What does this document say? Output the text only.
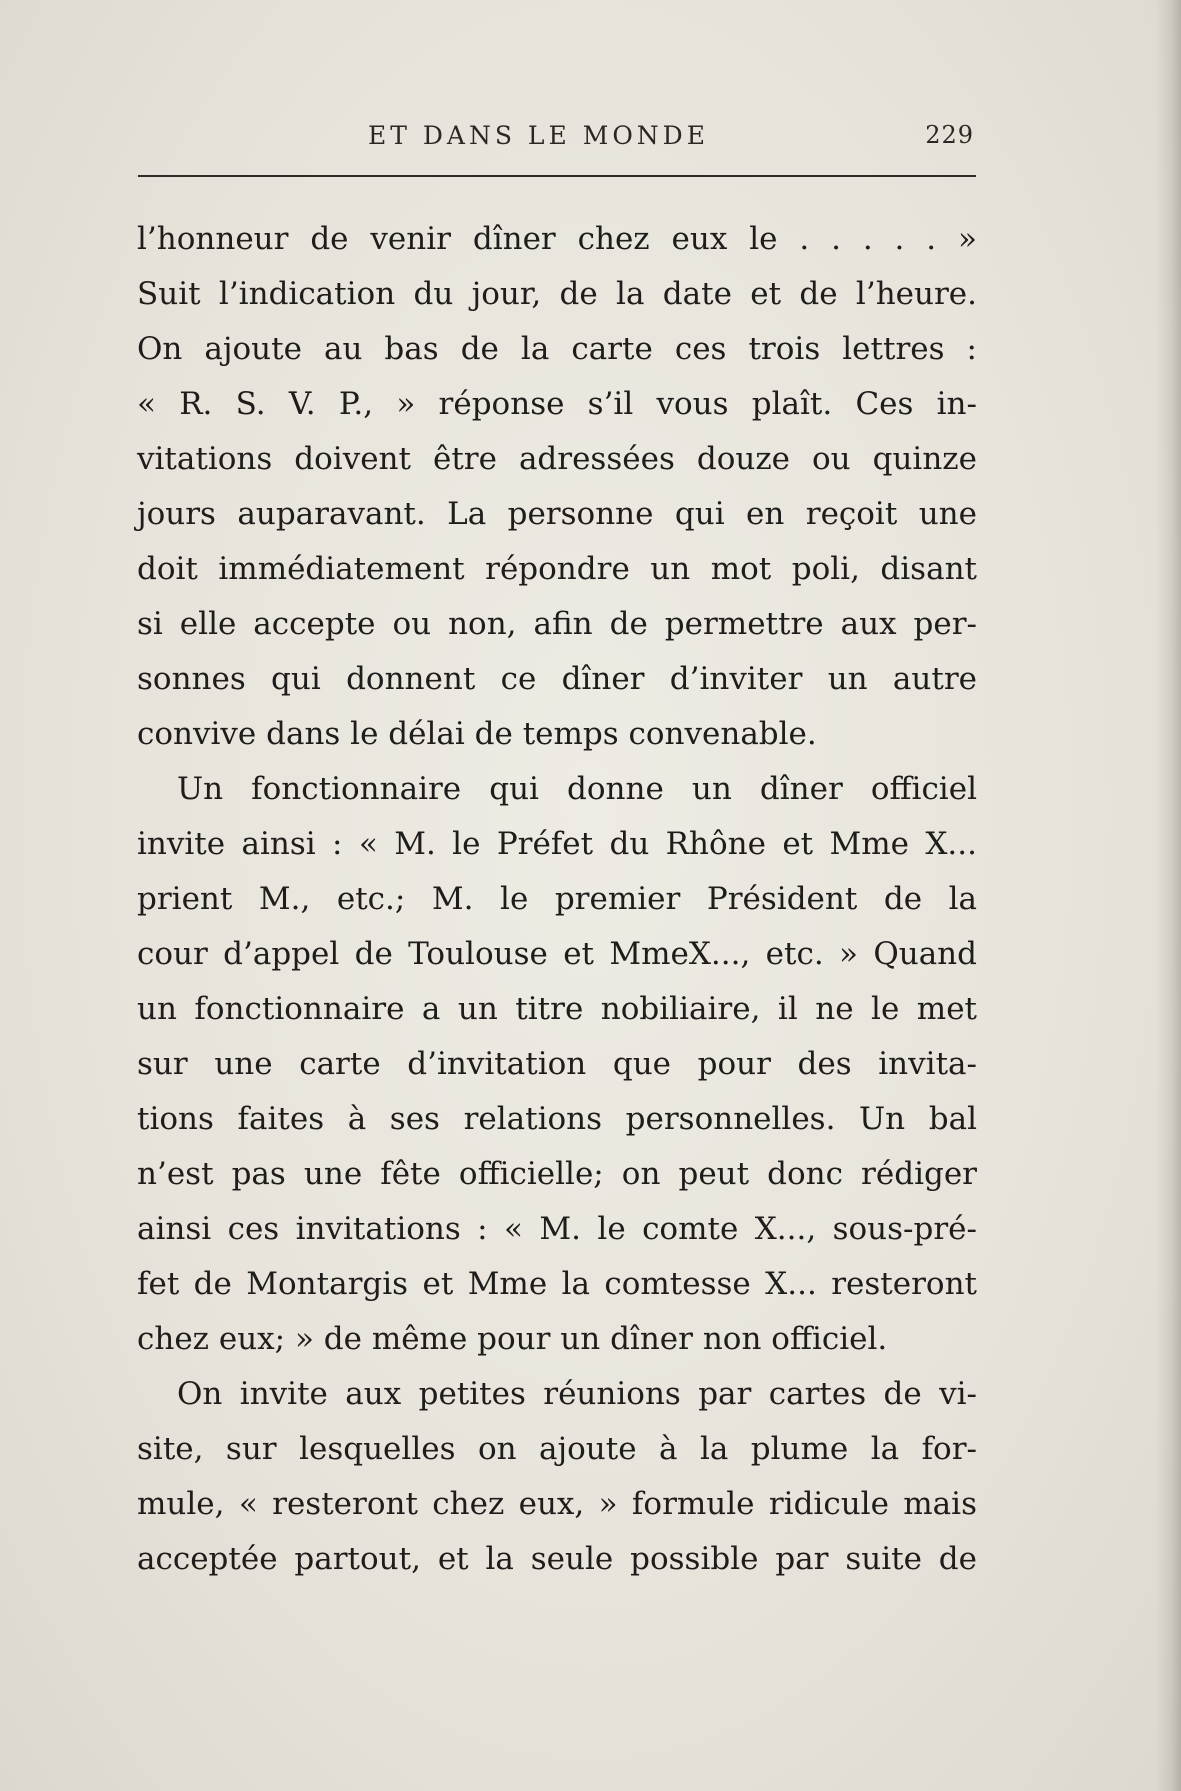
ET DANS LE MONDE	229
l’honneur de venir dîner chez eux le . . . . . »
Suit l’indication du jour, de la date et de l’heure.
On ajoute au bas de la carte ces trois lettres :
« R. S. V. P., » réponse s’il vous plaît. Ces in-
vitations doivent être adressées douze ou quinze
jours auparavant. La personne qui en reçoit une
doit immédiatement répondre un mot poli, disant
si elle accepte ou non, afin de permettre aux per-
sonnes qui donnent ce dîner d’inviter un autre
convive dans le délai de temps convenable.
Un fonctionnaire qui donne un dîner officiel
invite ainsi : « M. le Préfet du Rhône et Mme X...
prient M., etc.; M. le premier Président de la
cour d’appel de Toulouse et MmeX..., etc. » Quand
un fonctionnaire a un titre nobiliaire, il ne le met
sur une carte d’invitation que pour des invita-
tions faites à ses relations personnelles. Un bal
n’est pas une fête officielle; on peut donc rédiger
ainsi ces invitations : « M. le comte X..., sous-pré-
fet de Montargis et Mme la comtesse X... resteront
chez eux; » de même pour un dîner non officiel.
On invite aux petites réunions par cartes de vi-
site, sur lesquelles on ajoute à la plume la for-
mule, « resteront chez eux, » formule ridicule mais
acceptée partout, et la seule possible par suite de
